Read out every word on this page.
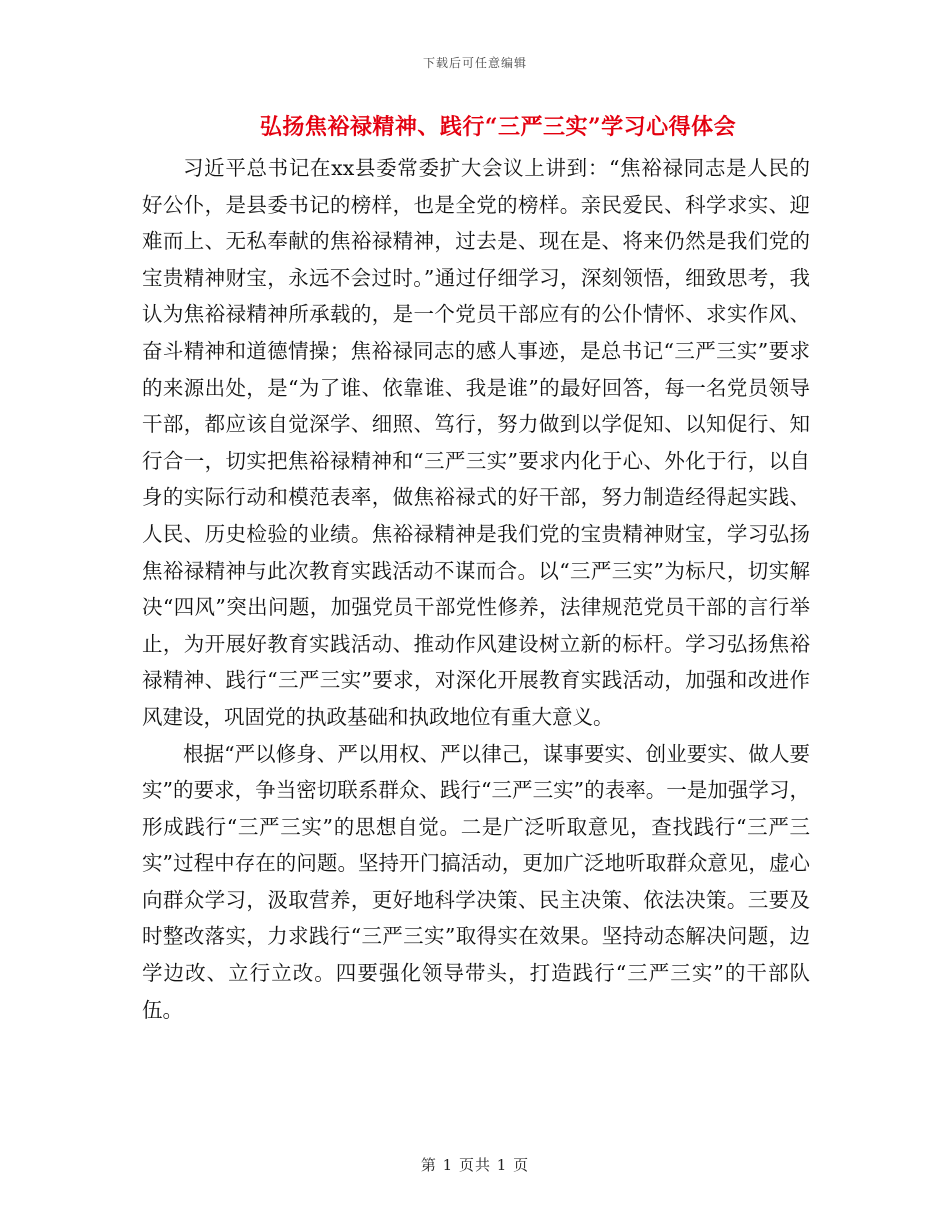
下载后可任意编辑
弘扬焦裕禄精神、践行“三严三实”学习心得体会

习近平总书记在xx县委常委扩大会议上讲到：“焦裕禄同志是人民的好公仆，是县委书记的榜样，也是全党的榜样。亲民爱民、科学求实、迎难而上、无私奉献的焦裕禄精神，过去是、现在是、将来仍然是我们党的宝贵精神财宝，永远不会过时。”通过仔细学习，深刻领悟，细致思考，我认为焦裕禄精神所承载的，是一个党员干部应有的公仆情怀、求实作风、奋斗精神和道德情操；焦裕禄同志的感人事迹，是总书记“三严三实”要求的来源出处，是“为了谁、依靠谁、我是谁”的最好回答，每一名党员领导干部，都应该自觉深学、细照、笃行，努力做到以学促知、以知促行、知行合一，切实把焦裕禄精神和“三严三实”要求内化于心、外化于行，以自身的实际行动和模范表率，做焦裕禄式的好干部，努力制造经得起实践、人民、历史检验的业绩。焦裕禄精神是我们党的宝贵精神财宝，学习弘扬焦裕禄精神与此次教育实践活动不谋而合。以“三严三实”为标尺，切实解决“四风”突出问题，加强党员干部党性修养，法律规范党员干部的言行举止，为开展好教育实践活动、推动作风建设树立新的标杆。学习弘扬焦裕禄精神、践行“三严三实”要求，对深化开展教育实践活动，加强和改进作风建设，巩固党的执政基础和执政地位有重大意义。

根据“严以修身、严以用权、严以律己，谋事要实、创业要实、做人要实”的要求，争当密切联系群众、践行“三严三实”的表率。一是加强学习，形成践行“三严三实”的思想自觉。二是广泛听取意见，查找践行“三严三实”过程中存在的问题。坚持开门搞活动，更加广泛地听取群众意见，虚心向群众学习，汲取营养，更好地科学决策、民主决策、依法决策。三要及时整改落实，力求践行“三严三实”取得实在效果。坚持动态解决问题，边学边改、立行立改。四要强化领导带头，打造践行“三严三实”的干部队伍。

第 1 页共 1 页
